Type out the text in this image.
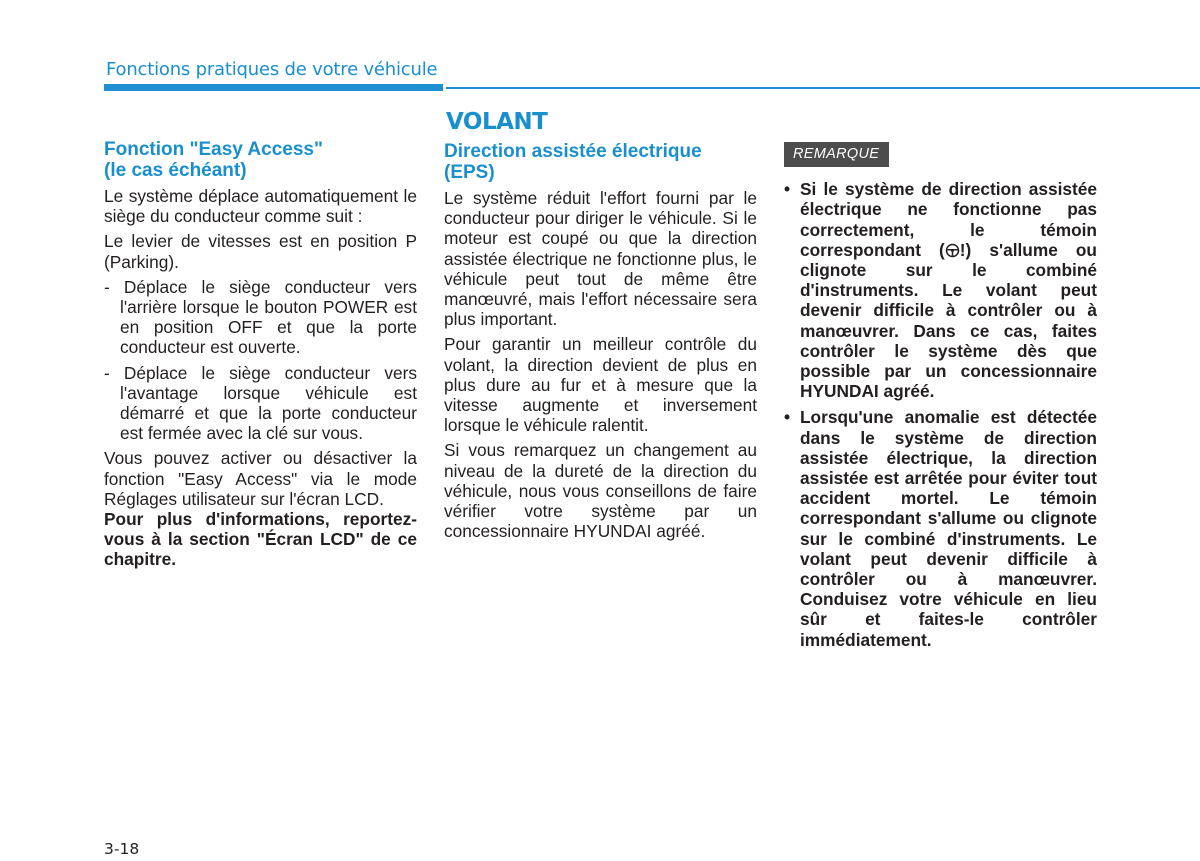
Fonctions pratiques de votre véhicule
VOLANT
Fonction "Easy Access"
(le cas échéant)

Le système déplace automatiquement le siège du conducteur comme suit :

Le levier de vitesses est en position P (Parking).

- Déplace le siège conducteur vers l'arrière lorsque le bouton POWER est en position OFF et que la porte conducteur est ouverte.
- Déplace le siège conducteur vers l'avantage lorsque véhicule est démarré et que la porte conducteur est fermée avec la clé sur vous.

Vous pouvez activer ou désactiver la fonction "Easy Access" via le mode Réglages utilisateur sur l'écran LCD.

Pour plus d'informations, reportez-vous à la section "Écran LCD" de ce chapitre.

Direction assistée électrique
(EPS)

Le système réduit l'effort fourni par le conducteur pour diriger le véhicule. Si le moteur est coupé ou que la direction assistée électrique ne fonctionne plus, le véhicule peut tout de même être manœuvré, mais l'effort nécessaire sera plus important.

Pour garantir un meilleur contrôle du volant, la direction devient de plus en plus dure au fur et à mesure que la vitesse augmente et inversement lorsque le véhicule ralentit.

Si vous remarquez un changement au niveau de la dureté de la direction du véhicule, nous vous conseillons de faire vérifier votre système par un concessionnaire HYUNDAI agréé.

REMARQUE
• Si le système de direction assistée électrique ne fonctionne pas correctement, le témoin correspondant ( !) s'allume ou clignote sur le combiné d'instruments. Le volant peut devenir difficile à contrôler ou à manœuvrer. Dans ce cas, faites contrôler le système dès que possible par un concessionnaire HYUNDAI agréé.
• Lorsqu'une anomalie est détectée dans le système de direction assistée électrique, la direction assistée est arrêtée pour éviter tout accident mortel. Le témoin correspondant s'allume ou clignote sur le combiné d'instruments. Le volant peut devenir difficile à contrôler ou à manœuvrer. Conduisez votre véhicule en lieu sûr et faites-le contrôler immédiatement.
3-18
